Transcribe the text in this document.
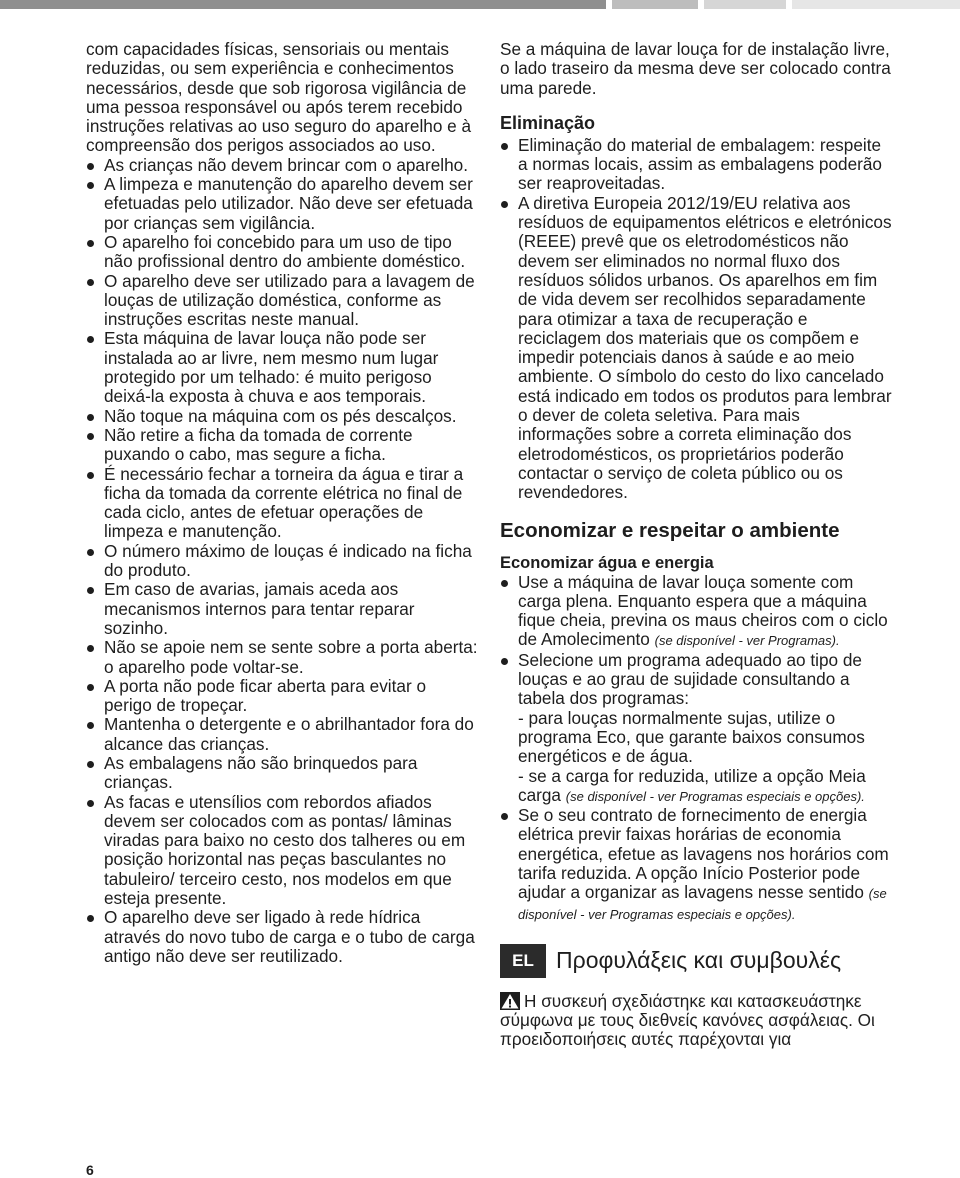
com capacidades físicas, sensoriais ou mentais reduzidas, ou sem experiência e conhecimentos necessários, desde que sob rigorosa vigilância de uma pessoa responsável ou após terem recebido instruções relativas ao uso seguro do aparelho e à compreensão dos perigos associados ao uso.

As crianças não devem brincar com o aparelho.
A limpeza e manutenção do aparelho devem ser efetuadas pelo utilizador. Não deve ser efetuada por crianças sem vigilância.
O aparelho foi concebido para um uso de tipo não profissional dentro do ambiente doméstico.
O aparelho deve ser utilizado para a lavagem de louças de utilização doméstica, conforme as instruções escritas neste manual.
Esta máquina de lavar louça não pode ser instalada ao ar livre, nem mesmo num lugar protegido por um telhado: é muito perigoso deixá-la exposta à chuva e aos temporais.
Não toque na máquina com os pés descalços.
Não retire a ficha da tomada de corrente puxando o cabo, mas segure a ficha.
É necessário fechar a torneira da água e tirar a ficha da tomada da corrente elétrica no final de cada ciclo, antes de efetuar operações de limpeza e manutenção.
O número máximo de louças é indicado na ficha do produto.
Em caso de avarias, jamais aceda aos mecanismos internos para tentar reparar sozinho.
Não se apoie nem se sente sobre a porta aberta: o aparelho pode voltar-se.
A porta não pode ficar aberta para evitar o perigo de tropeçar.
Mantenha o detergente e o abrilhantador fora do alcance das crianças.
As embalagens não são brinquedos para crianças.
As facas e utensílios com rebordos afiados devem ser colocados com as pontas/ lâminas viradas para baixo no cesto dos talheres ou em posição horizontal nas peças basculantes no tabuleiro/ terceiro cesto, nos modelos em que esteja presente.
O aparelho deve ser ligado à rede hídrica através do novo tubo de carga e o tubo de carga antigo não deve ser reutilizado.

Se a máquina de lavar louça for de instalação livre, o lado traseiro da mesma deve ser colocado contra uma parede.

Eliminação
Eliminação do material de embalagem: respeite a normas locais, assim as embalagens poderão ser reaproveitadas.
A diretiva Europeia 2012/19/EU relativa aos resíduos de equipamentos elétricos e eletrónicos (REEE) prevê que os eletrodomésticos não devem ser eliminados no normal fluxo dos resíduos sólidos urbanos. Os aparelhos em fim de vida devem ser recolhidos separadamente para otimizar a taxa de recuperação e reciclagem dos materiais que os compõem e impedir potenciais danos à saúde e ao meio ambiente. O símbolo do cesto do lixo cancelado está indicado em todos os produtos para lembrar o dever de coleta seletiva. Para mais informações sobre a correta eliminação dos eletrodomésticos, os proprietários poderão contactar o serviço de coleta público ou os revendedores.
Economizar e respeitar o ambiente
Economizar água e energia
Use a máquina de lavar louça somente com carga plena. Enquanto espera que a máquina fique cheia, previna os maus cheiros com o ciclo de Amolecimento (se disponível - ver Programas).
Selecione um programa adequado ao tipo de louças e ao grau de sujidade consultando a tabela dos programas:
- para louças normalmente sujas, utilize o programa Eco, que garante baixos consumos energéticos e de água.
- se a carga for reduzida, utilize a opção Meia carga (se disponível - ver Programas especiais e opções).
Se o seu contrato de fornecimento de energia elétrica previr faixas horárias de economia energética, efetue as lavagens nos horários com tarifa reduzida. A opção Início Posterior pode ajudar a organizar as lavagens nesse sentido (se disponível - ver Programas especiais e opções).
EL Προφυλάξεις και συμβουλές
Η συσκευή σχεδιάστηκε και κατασκευάστηκε σύμφωνα με τους διεθνείς κανόνες ασφάλειας. Οι προειδοποιήσεις αυτές παρέχονται για
6
